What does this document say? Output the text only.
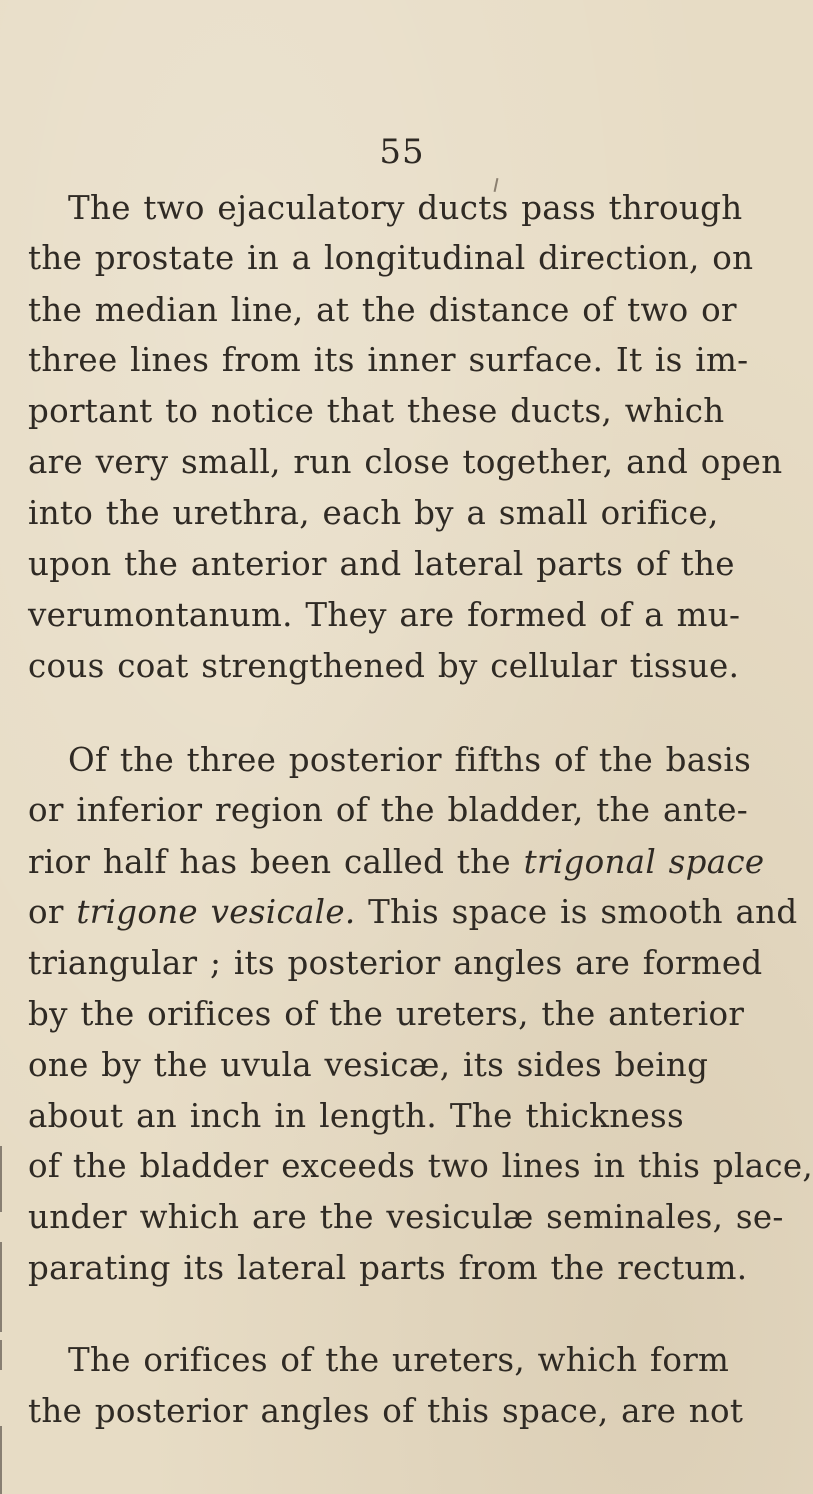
55
The two ejaculatory ducts pass through
the prostate in a longitudinal direction, on
the median line, at the distance of two or
three lines from its inner surface. It is im-
portant to notice that these ducts, which
are very small, run close together, and open
into the urethra, each by a small orifice,
upon the anterior and lateral parts of the
verumontanum. They are formed of a mu-
cous coat strengthened by cellular tissue.
Of the three posterior fifths of the basis
or inferior region of the bladder, the ante-
rior half has been called the trigonal space
or trigone vesicale. This space is smooth and
triangular ; its posterior angles are formed
by the orifices of the ureters, the anterior
one by the uvula vesicæ, its sides being
about an inch in length. The thickness
of the bladder exceeds two lines in this place,
under which are the vesiculæ seminales, se-
parating its lateral parts from the rectum.
The orifices of the ureters, which form
the posterior angles of this space, are not
